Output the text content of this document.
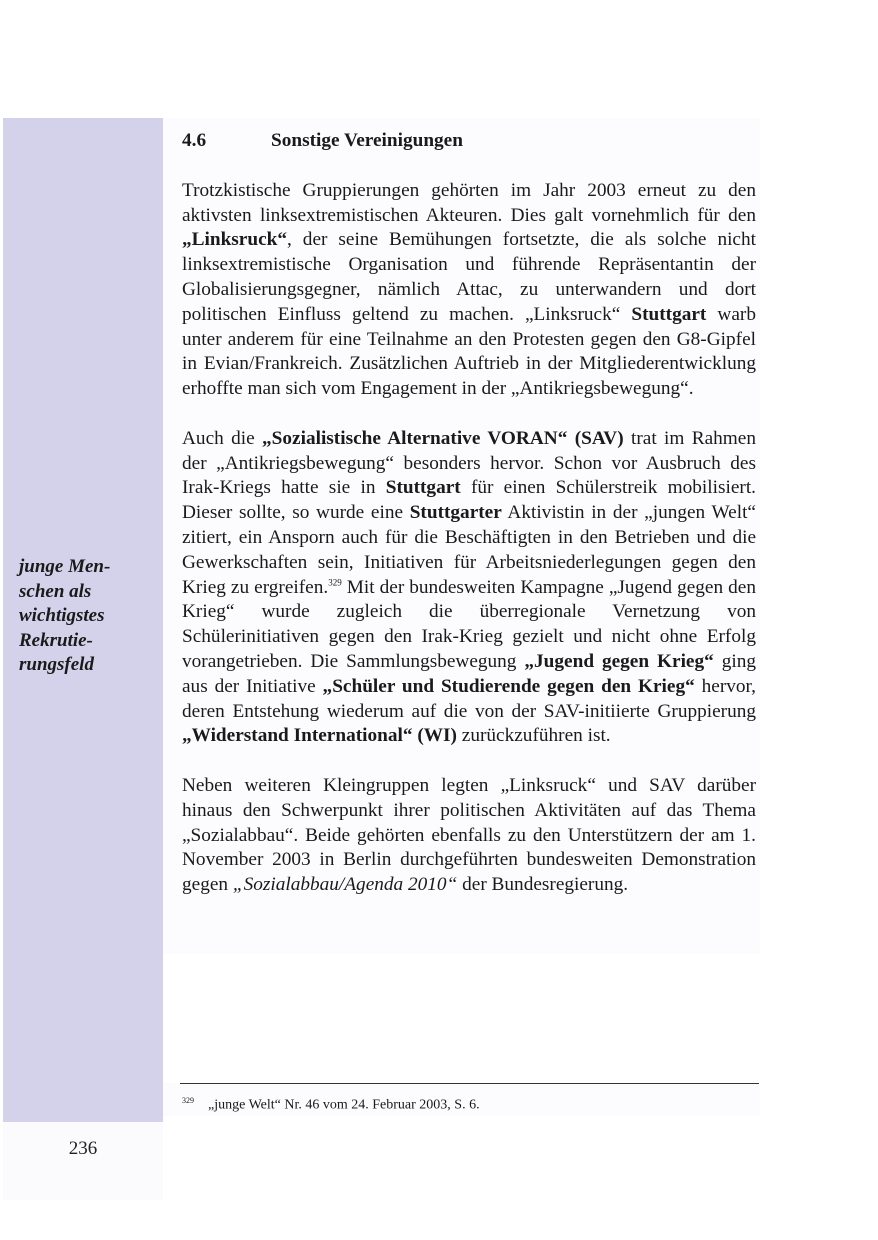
junge Men-
schen als
wichtigstes
Rekrutie-
rungsfeld
236
4.6	Sonstige Vereinigungen

Trotzkistische Gruppierungen gehörten im Jahr 2003 erneut zu den aktivsten linksextremistischen Akteuren. Dies galt vornehmlich für den „Linksruck“, der seine Bemühungen fortsetzte, die als solche nicht linksextremistische Organisation und führende Repräsentantin der Globalisierungsgegner, nämlich Attac, zu unterwandern und dort politischen Einfluss geltend zu machen. „Linksruck“ Stuttgart warb unter anderem für eine Teilnahme an den Protesten gegen den G8-Gipfel in Evian/Frankreich. Zusätzlichen Auftrieb in der Mitgliederentwicklung erhoffte man sich vom Engagement in der „Antikriegsbewegung“.

Auch die „Sozialistische Alternative VORAN“ (SAV) trat im Rahmen der „Antikriegsbewegung“ besonders hervor. Schon vor Ausbruch des Irak-Kriegs hatte sie in Stuttgart für einen Schülerstreik mobilisiert. Dieser sollte, so wurde eine Stuttgarter Aktivistin in der „jungen Welt“ zitiert, ein Ansporn auch für die Beschäftigten in den Betrieben und die Gewerkschaften sein, Initiativen für Arbeitsniederlegungen gegen den Krieg zu ergreifen.$^{329}$ Mit der bundesweiten Kampagne „Jugend gegen den Krieg“ wurde zugleich die überregionale Vernetzung von Schülerinitiativen gegen den Irak-Krieg gezielt und nicht ohne Erfolg vorangetrieben. Die Sammlungsbewegung „Jugend gegen Krieg“ ging aus der Initiative „Schüler und Studierende gegen den Krieg“ hervor, deren Entstehung wiederum auf die von der SAV-initiierte Gruppierung „Widerstand International“ (WI) zurückzuführen ist.

Neben weiteren Kleingruppen legten „Linksruck“ und SAV darüber hinaus den Schwerpunkt ihrer politischen Aktivitäten auf das Thema „Sozialabbau“. Beide gehörten ebenfalls zu den Unterstützern der am 1. November 2003 in Berlin durchgeführten bundesweiten Demonstration gegen „Sozialabbau/Agenda 2010“ der Bundesregierung.

$^{329}$ „junge Welt“ Nr. 46 vom 24. Februar 2003, S. 6.
